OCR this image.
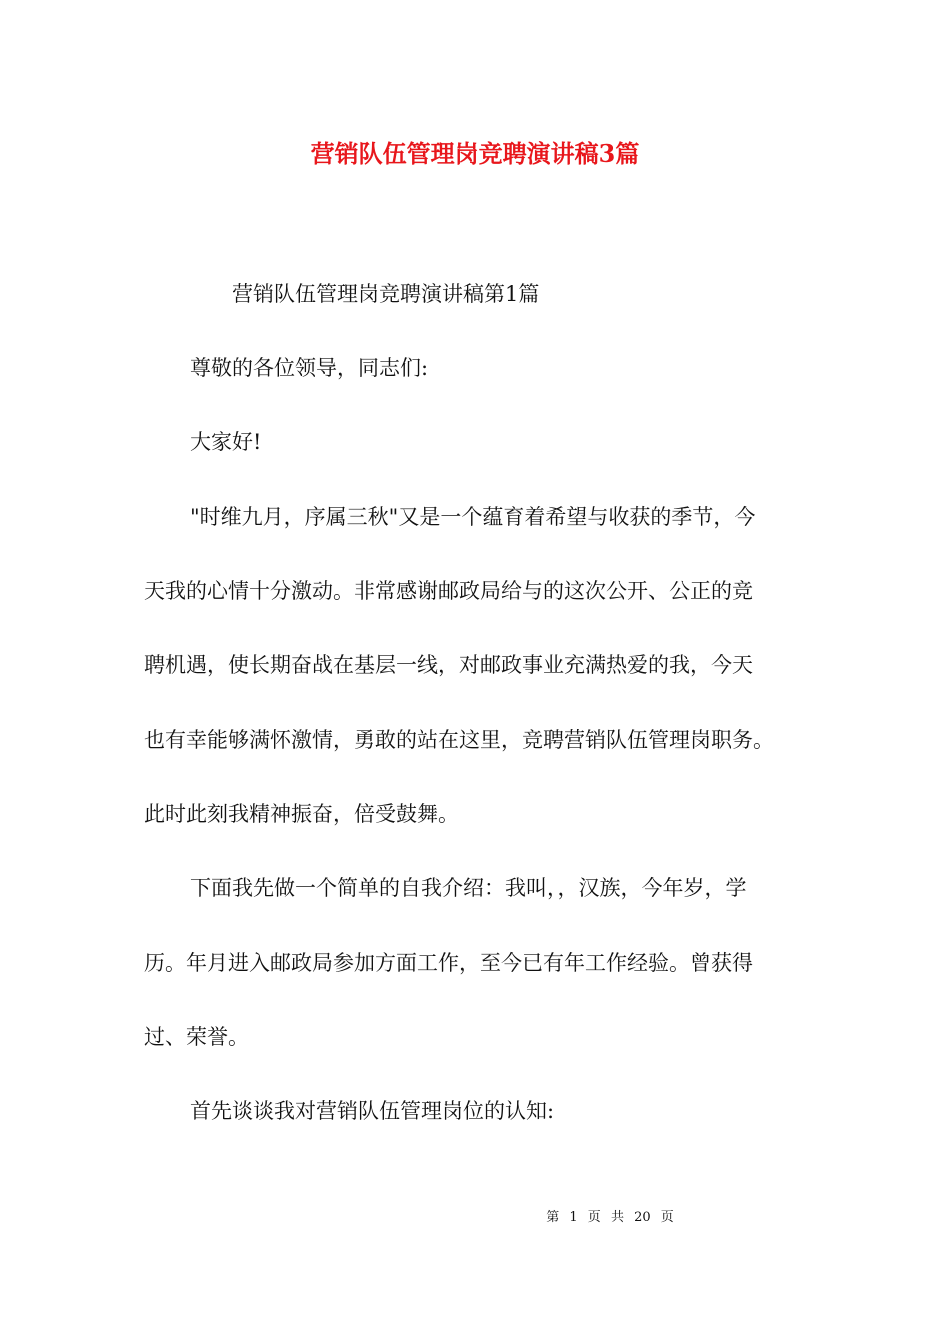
营销队伍管理岗竞聘演讲稿3篇

营销队伍管理岗竞聘演讲稿第1篇

尊敬的各位领导，同志们:

大家好!

"时维九月，序属三秋"又是一个蕴育着希望与收获的季节，今

天我的心情十分激动。非常感谢邮政局给与的这次公开、公正的竞

聘机遇，使长期奋战在基层一线，对邮政事业充满热爱的我，今天

也有幸能够满怀激情，勇敢的站在这里，竞聘营销队伍管理岗职务。

此时此刻我精神振奋，倍受鼓舞。

下面我先做一个简单的自我介绍：我叫，，汉族，今年岁，学

历。年月进入邮政局参加方面工作，至今已有年工作经验。曾获得

过、荣誉。

首先谈谈我对营销队伍管理岗位的认知:

第 1 页 共 20 页
